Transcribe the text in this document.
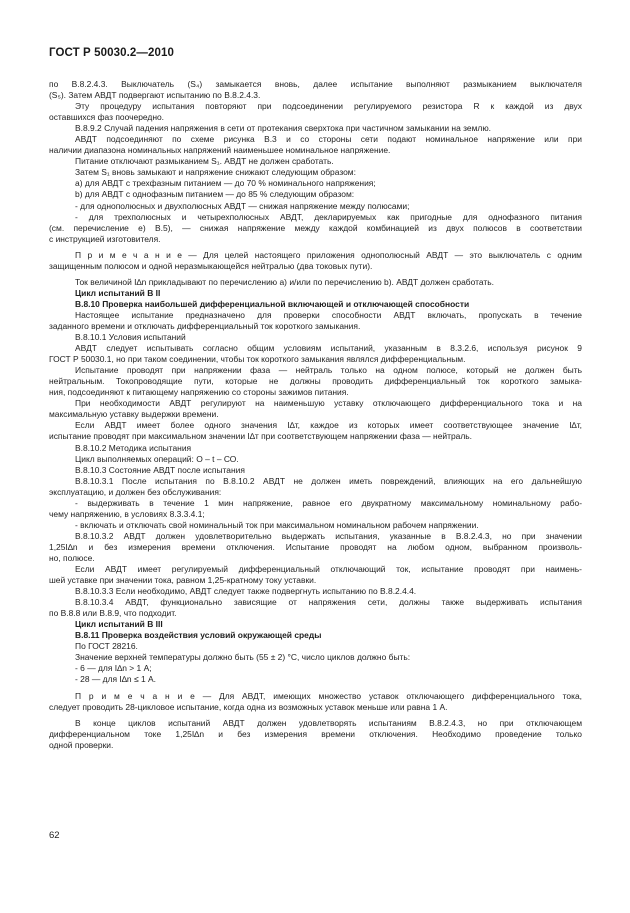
ГОСТ Р 50030.2—2010

по В.8.2.4.3. Выключатель (S₄) замыкается вновь, далее испытание выполняют размыканием выключателя

(S₅). Затем АВДТ подвергают испытанию по В.8.2.4.3.

Эту процедуру испытания повторяют при подсоединении регулируемого резистора R к каждой из двух

оставшихся фаз поочередно.

В.8.9.2 Случай падения напряжения в сети от протекания сверхтока при частичном замыкании на землю.

АВДТ подсоединяют по схеме рисунка В.3 и со стороны сети подают номинальное напряжение или при

наличии диапазона номинальных напряжений наименьшее номинальное напряжение.

Питание отключают размыканием S₁. АВДТ не должен сработать.

Затем S₁ вновь замыкают и напряжение снижают следующим образом:

а) для АВДТ с трехфазным питанием — до 70 % номинального напряжения;

b) для АВДТ с однофазным питанием — до 85 % следующим образом:

- для однополюсных и двухполюсных АВДТ — снижая напряжение между полюсами;

- для трехполюсных и четырехполюсных АВДТ, декларируемых как пригодные для однофазного питания

(см. перечисление е) В.5), — снижая напряжение между каждой комбинацией из двух полюсов в соответствии

с инструкцией изготовителя.

П р и м е ч а н и е — Для целей настоящего приложения однополюсный АВДТ — это выключатель с одним

защищенным полюсом и одной неразмыкающейся нейтралью (два токовых пути).

Ток величиной I∆n прикладывают по перечислению а) и/или по перечислению b). АВДТ должен сработать.

Цикл испытаний В II

В.8.10 Проверка наибольшей дифференциальной включающей и отключающей способности

Настоящее испытание предназначено для проверки способности АВДТ включать, пропускать в течение

заданного времени и отключать дифференциальный ток короткого замыкания.

В.8.10.1 Условия испытаний

АВДТ следует испытывать согласно общим условиям испытаний, указанным в 8.3.2.6, используя рисунок 9

ГОСТ Р 50030.1, но при таком соединении, чтобы ток короткого замыкания являлся дифференциальным.

Испытание проводят при напряжении фаза — нейтраль только на одном полюсе, который не должен быть

нейтральным. Токопроводящие пути, которые не должны проводить дифференциальный ток короткого замыка-

ния, подсоединяют к питающему напряжению со стороны зажимов питания.

При необходимости АВДТ регулируют на наименьшую уставку отключающего дифференциального тока и на

максимальную уставку выдержки времени.

Если АВДТ имеет более одного значения I∆т, каждое из которых имеет соответствующее значение I∆т,

испытание проводят при максимальном значении I∆т при соответствующем напряжении фаза — нейтраль.

В.8.10.2 Методика испытания

Цикл выполняемых операций: О – t – СО.

В.8.10.3 Состояние АВДТ после испытания

В.8.10.3.1 После испытания по В.8.10.2 АВДТ не должен иметь повреждений, влияющих на его дальнейшую

эксплуатацию, и должен без обслуживания:

- выдерживать в течение 1 мин напряжение, равное его двукратному максимальному номинальному рабо-

чему напряжению, в условиях 8.3.3.4.1;

- включать и отключать свой номинальный ток при максимальном номинальном рабочем напряжении.

В.8.10.3.2 АВДТ должен удовлетворительно выдержать испытания, указанные в В.8.2.4.3, но при значении

1,25I∆n и без измерения времени отключения. Испытание проводят на любом одном, выбранном произволь-

но, полюсе.

Если АВДТ имеет регулируемый дифференциальный отключающий ток, испытание проводят при наимень-

шей уставке при значении тока, равном 1,25-кратному току уставки.

В.8.10.3.3 Если необходимо, АВДТ следует также подвергнуть испытанию по В.8.2.4.4.

В.8.10.3.4 АВДТ, функционально зависящие от напряжения сети, должны также выдерживать испытания

по В.8.8 или В.8.9, что подходит.

Цикл испытаний В III

В.8.11 Проверка воздействия условий окружающей среды

По ГОСТ 28216.

Значение верхней температуры должно быть (55 ± 2) °С, число циклов должно быть:

- 6 — для I∆n > 1 А;

- 28 — для I∆n ≤ 1 А.

П р и м е ч а н и е — Для АВДТ, имеющих множество уставок отключающего дифференциального тока,

следует проводить 28-цикловое испытание, когда одна из возможных уставок меньше или равна 1 А.

В конце циклов испытаний АВДТ должен удовлетворять испытаниям В.8.2.4.3, но при отключающем

дифференциальном токе 1,25I∆n и без измерения времени отключения. Необходимо проведение только

одной проверки.

62
